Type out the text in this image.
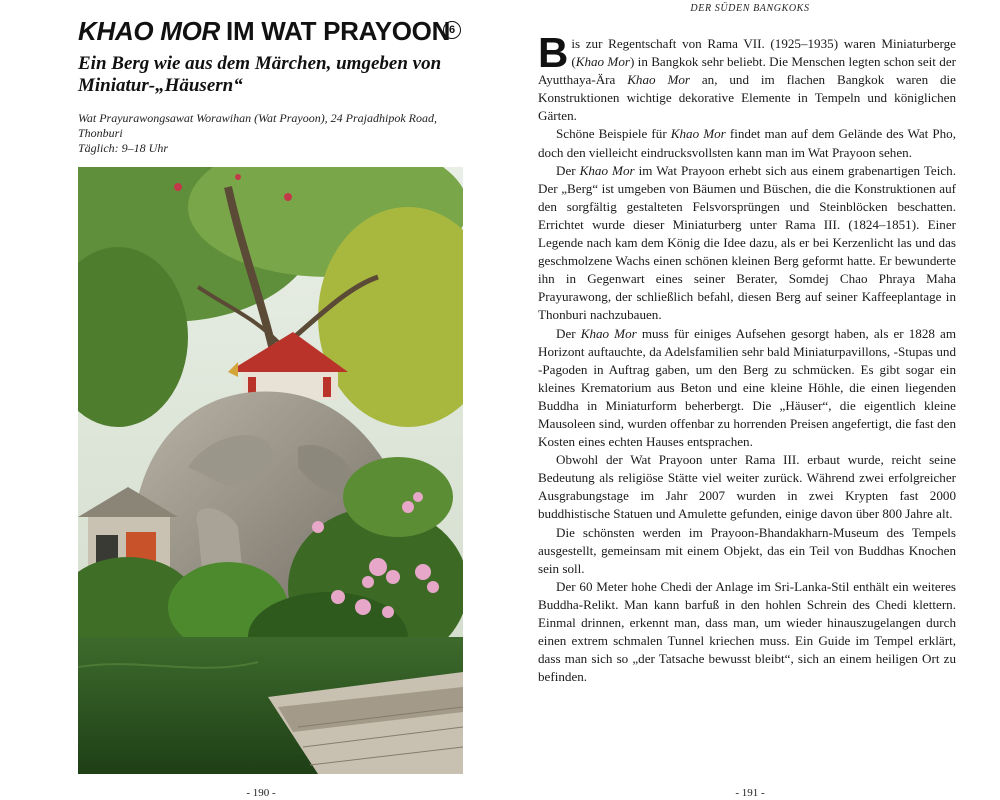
KHAO MOR IM WAT PRAYOON
6
Ein Berg wie aus dem Märchen, umgeben von Miniatur-„Häusern“
Wat Prayurawongsawat Worawihan (Wat Prayoon), 24 Prajadhipok Road, Thonburi
Täglich: 9–18 Uhr
- 190 -
DER SÜDEN BANGKOKS

Bis zur Regentschaft von Rama VII. (1925–1935) waren Miniaturberge (Khao Mor) in Bangkok sehr beliebt. Die Menschen legten schon seit der Ayutthaya-Ära Khao Mor an, und im flachen Bangkok waren die Konstruktionen wichtige dekorative Elemente in Tempeln und königlichen Gärten.

Schöne Beispiele für Khao Mor findet man auf dem Gelände des Wat Pho, doch den vielleicht eindrucksvollsten kann man im Wat Prayoon sehen.

Der Khao Mor im Wat Prayoon erhebt sich aus einem grabenartigen Teich. Der „Berg“ ist umgeben von Bäumen und Büschen, die die Konstruktionen auf den sorgfältig gestalteten Felsvorsprüngen und Steinblöcken beschatten. Errichtet wurde dieser Miniaturberg unter Rama III. (1824–1851). Einer Legende nach kam dem König die Idee dazu, als er bei Kerzenlicht las und das geschmolzene Wachs einen schönen kleinen Berg geformt hatte. Er bewunderte ihn in Gegenwart eines seiner Berater, Somdej Chao Phraya Maha Prayurawong, der schließlich befahl, diesen Berg auf seiner Kaffeeplantage in Thonburi nachzubauen.

Der Khao Mor muss für einiges Aufsehen gesorgt haben, als er 1828 am Horizont auftauchte, da Adelsfamilien sehr bald Miniaturpavillons, -Stupas und -Pagoden in Auftrag gaben, um den Berg zu schmücken. Es gibt sogar ein kleines Krematorium aus Beton und eine kleine Höhle, die einen liegenden Buddha in Miniaturform beherbergt. Die „Häuser“, die eigentlich kleine Mausoleen sind, wurden offenbar zu horrenden Preisen angefertigt, die fast den Kosten eines echten Hauses entsprachen.

Obwohl der Wat Prayoon unter Rama III. erbaut wurde, reicht seine Bedeutung als religiöse Stätte viel weiter zurück. Während zwei erfolgreicher Ausgrabungstage im Jahr 2007 wurden in zwei Krypten fast 2000 buddhistische Statuen und Amulette gefunden, einige davon über 800 Jahre alt.

Die schönsten werden im Prayoon-Bhandakharn-Museum des Tempels ausgestellt, gemeinsam mit einem Objekt, das ein Teil von Buddhas Knochen sein soll.

Der 60 Meter hohe Chedi der Anlage im Sri-Lanka-Stil enthält ein weiteres Buddha-Relikt. Man kann barfuß in den hohlen Schrein des Chedi klettern. Einmal drinnen, erkennt man, dass man, um wieder hinauszugelangen durch einen extrem schmalen Tunnel kriechen muss. Ein Guide im Tempel erklärt, dass man sich so „der Tatsache bewusst bleibt“, sich an einem heiligen Ort zu befinden.

- 191 -
